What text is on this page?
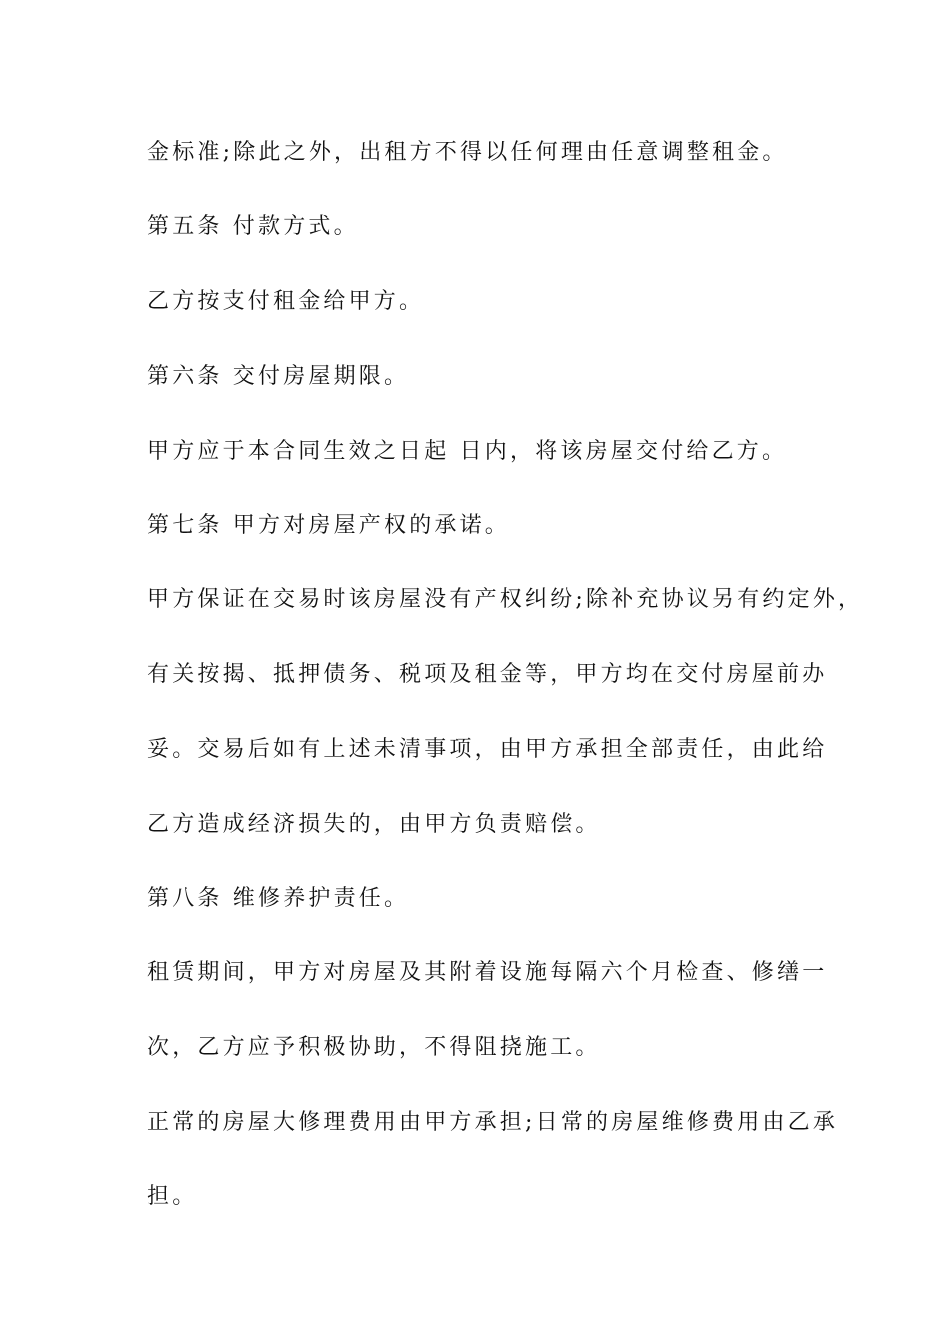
金标准;除此之外，出租方不得以任何理由任意调整租金。
第五条 付款方式。
乙方按支付租金给甲方。
第六条 交付房屋期限。
甲方应于本合同生效之日起 日内，将该房屋交付给乙方。
第七条 甲方对房屋产权的承诺。
甲方保证在交易时该房屋没有产权纠纷;除补充协议另有约定外，
有关按揭、抵押债务、税项及租金等，甲方均在交付房屋前办
妥。交易后如有上述未清事项，由甲方承担全部责任，由此给
乙方造成经济损失的，由甲方负责赔偿。
第八条 维修养护责任。
租赁期间，甲方对房屋及其附着设施每隔六个月检查、修缮一
次，乙方应予积极协助，不得阻挠施工。
正常的房屋大修理费用由甲方承担;日常的房屋维修费用由乙承
担。
